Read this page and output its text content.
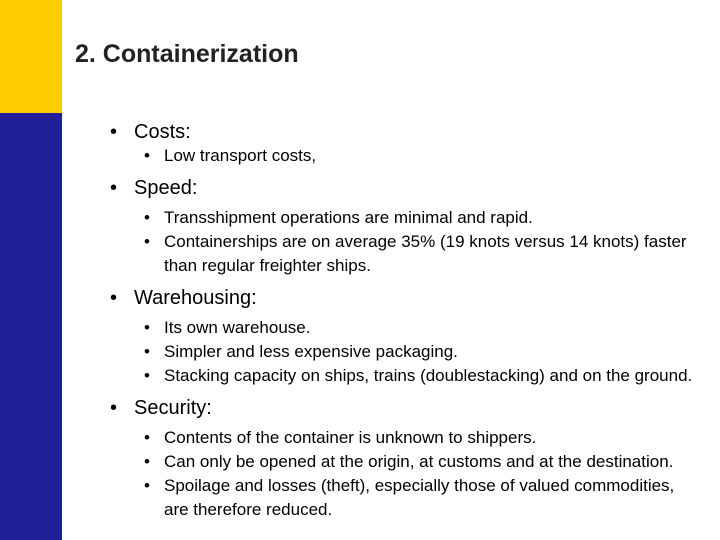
2. Containerization
• Costs:
• Low transport costs,
• Speed:
• Transshipment operations are minimal and rapid.
• Containerships are on average 35% (19 knots versus 14 knots) faster than regular freighter ships.
• Warehousing:
• Its own warehouse.
• Simpler and less expensive packaging.
• Stacking capacity on ships, trains (doublestacking) and on the ground.
• Security:
• Contents of the container is unknown to shippers.
• Can only be opened at the origin, at customs and at the destination.
• Spoilage and losses (theft), especially those of valued commodities, are therefore reduced.
